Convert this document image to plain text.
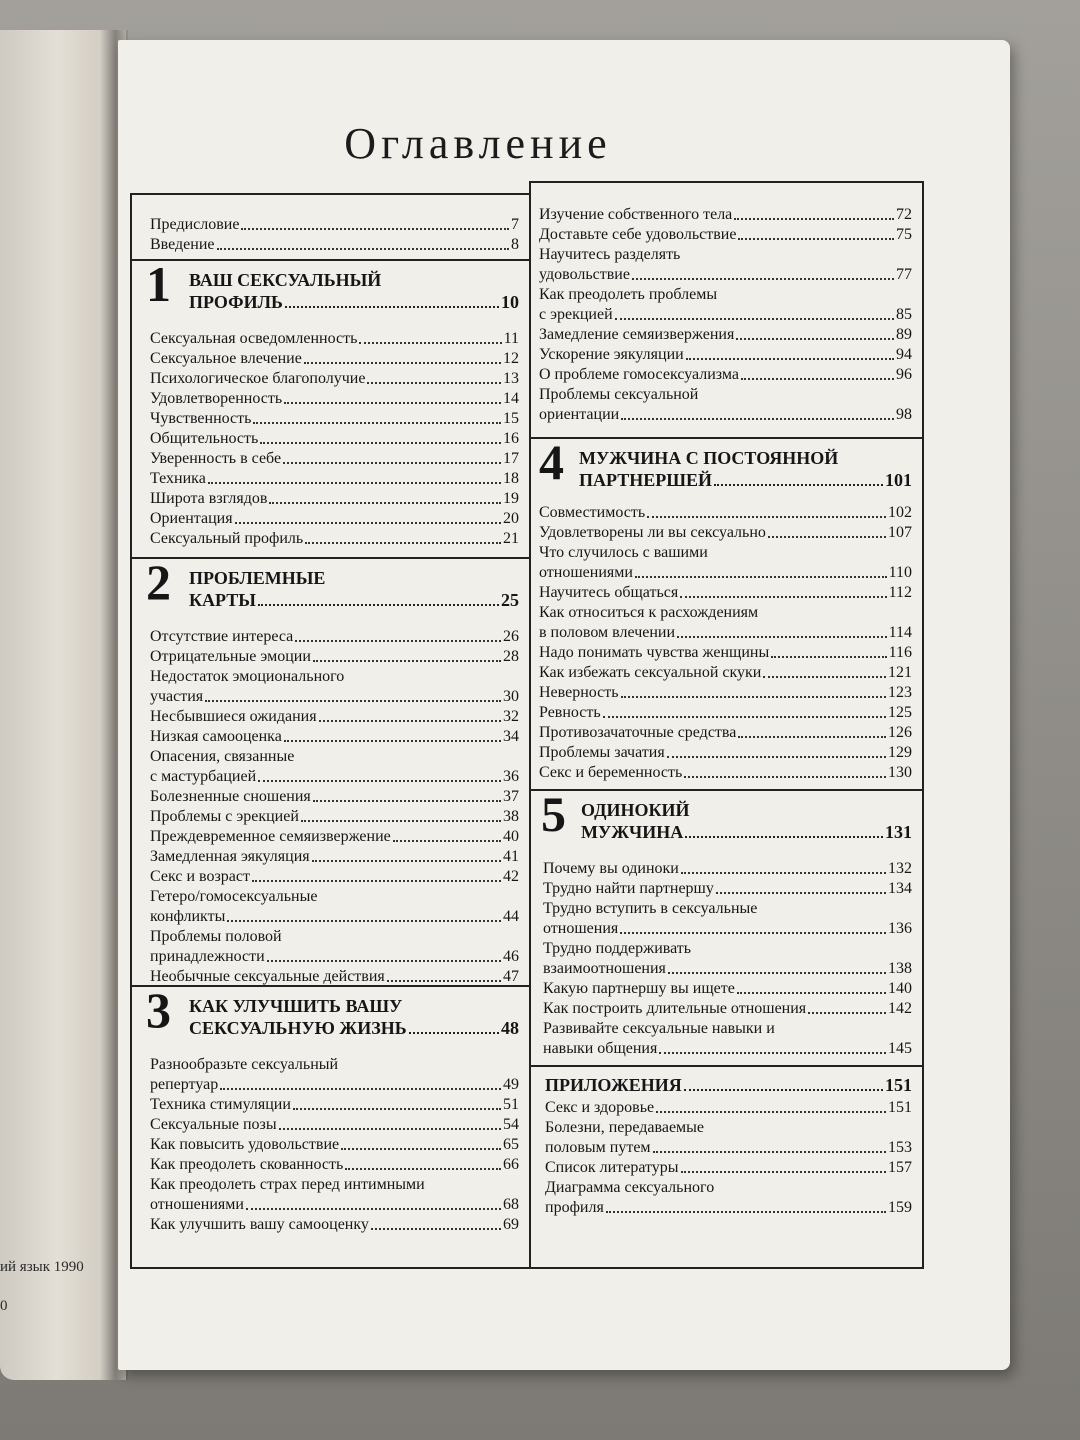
ий язык 1990
0
Оглавление
Предисловие	7
Введение	8
1 ВАШ СЕКСУАЛЬНЫЙ
ПРОФИЛЬ	10
Сексуальная осведомленность	11
Сексуальное влечение	12
Психологическое благополучие	13
Удовлетворенность	14
Чувственность	15
Общительность	16
Уверенность в себе	17
Техника	18
Широта взглядов	19
Ориентация	20
Сексуальный профиль	21
2 ПРОБЛЕМНЫЕ
КАРТЫ	25
Отсутствие интереса	26
Отрицательные эмоции	28
Недостаток эмоционального
участия	30
Несбывшиеся ожидания	32
Низкая самооценка	34
Опасения, связанные
с мастурбацией	36
Болезненные сношения	37
Проблемы с эрекцией	38
Преждевременное семяизвержение	40
Замедленная эякуляция	41
Секс и возраст	42
Гетеро/гомосексуальные
конфликты	44
Проблемы половой
принадлежности	46
Необычные сексуальные действия	47
3 КАК УЛУЧШИТЬ ВАШУ
СЕКСУАЛЬНУЮ ЖИЗНЬ	48
Разнообразьте сексуальный
репертуар	49
Техника стимуляции	51
Сексуальные позы	54
Как повысить удовольствие	65
Как преодолеть скованность	66
Как преодолеть страх перед интимными
отношениями	68
Как улучшить вашу самооценку	69
Изучение собственного тела	72
Доставьте себе удовольствие	75
Научитесь разделять
удовольствие	77
Как преодолеть проблемы
с эрекцией	85
Замедление семяизвержения	89
Ускорение эякуляции	94
О проблеме гомосексуализма	96
Проблемы сексуальной
ориентации	98
4 МУЖЧИНА С ПОСТОЯННОЙ
ПАРТНЕРШЕЙ	101
Совместимость	102
Удовлетворены ли вы сексуально	107
Что случилось с вашими
отношениями	110
Научитесь общаться	112
Как относиться к расхождениям
в половом влечении	114
Надо понимать чувства женщины	116
Как избежать сексуальной скуки	121
Неверность	123
Ревность	125
Противозачаточные средства	126
Проблемы зачатия	129
Секс и беременность	130
5 ОДИНОКИЙ
МУЖЧИНА	131
Почему вы одиноки	132
Трудно найти партнершу	134
Трудно вступить в сексуальные
отношения	136
Трудно поддерживать
взаимоотношения	138
Какую партнершу вы ищете	140
Как построить длительные отношения	142
Развивайте сексуальные навыки и
навыки общения	145
ПРИЛОЖЕНИЯ	151
Секс и здоровье	151
Болезни, передаваемые
половым путем	153
Список литературы	157
Диаграмма сексуального
профиля	159
